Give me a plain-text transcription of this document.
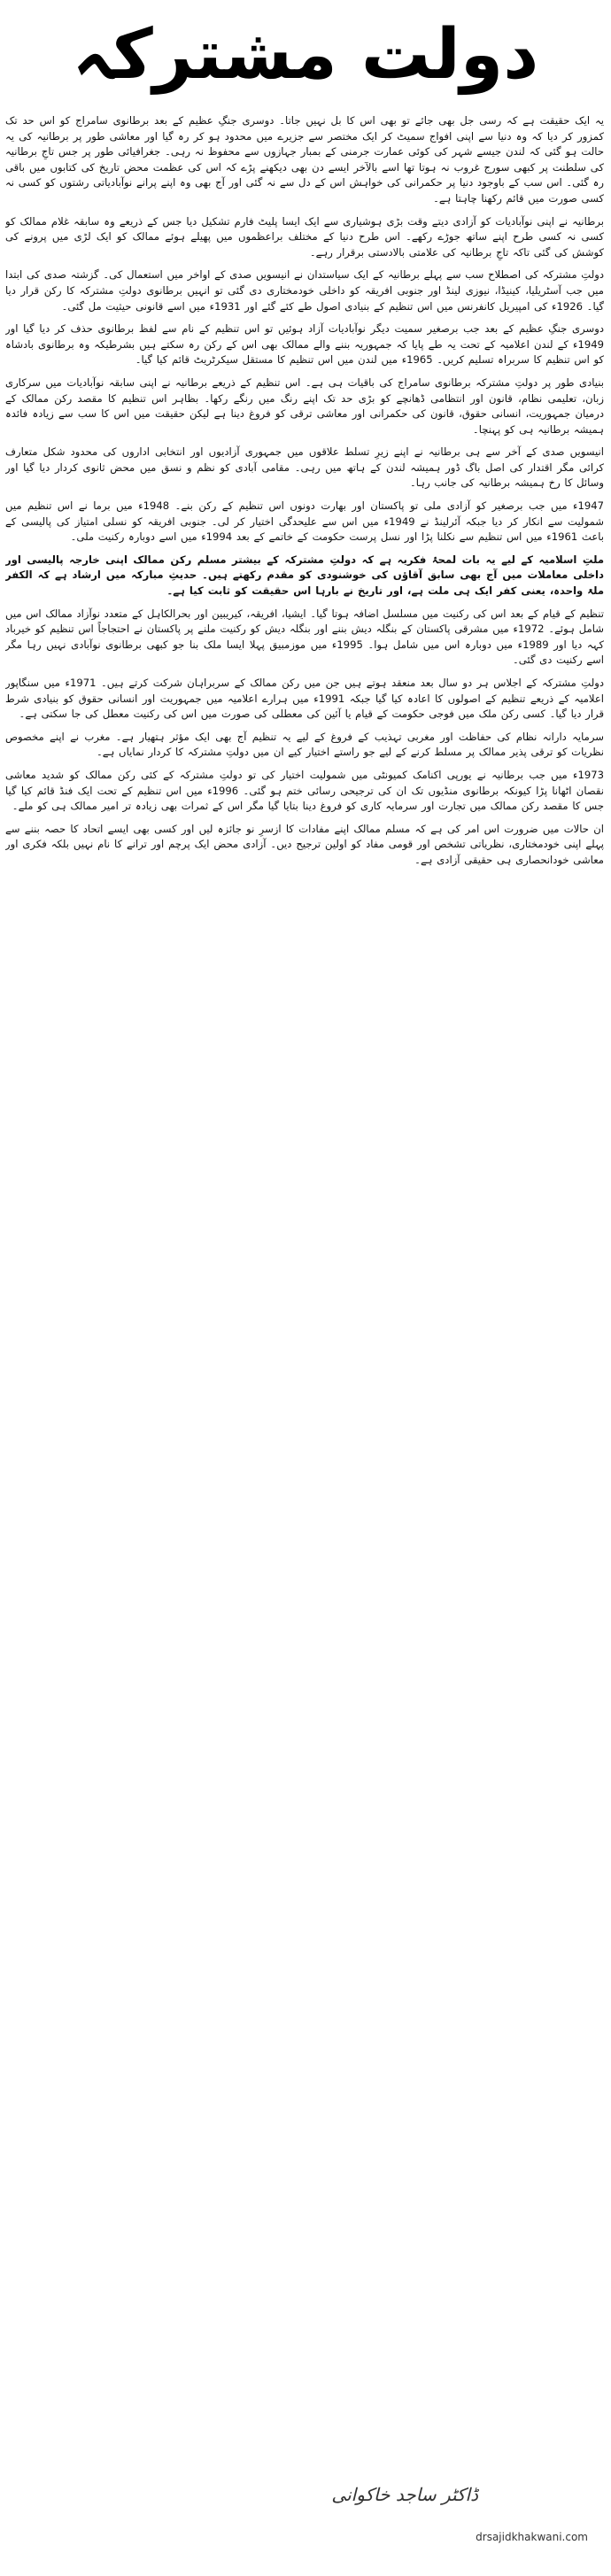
دولت مشترکہ

یہ ایک حقیقت ہے کہ رسی جل بھی جائے تو بھی اس کا بل نہیں جاتا۔ دوسری جنگِ عظیم کے بعد برطانوی سامراج کو اس حد تک کمزور کر دیا کہ وہ دنیا سے اپنی افواج سمیٹ کر ایک مختصر سے جزیرے میں محدود ہو کر رہ گیا اور معاشی طور پر برطانیہ کی یہ حالت ہو گئی کہ لندن جیسے شہر کی کوئی عمارت جرمنی کے بمبار جہازوں سے محفوظ نہ رہی۔ جغرافیائی طور پر جس تاجِ برطانیہ کی سلطنت پر کبھی سورج غروب نہ ہوتا تھا اسے بالآخر ایسے دن بھی دیکھنے پڑے کہ اس کی عظمت محض تاریخ کی کتابوں میں باقی رہ گئی۔ اس سب کے باوجود دنیا پر حکمرانی کی خواہش اس کے دل سے نہ گئی اور آج بھی وہ اپنے پرانے نوآبادیاتی رشتوں کو کسی نہ کسی صورت میں قائم رکھنا چاہتا ہے۔

برطانیہ نے اپنی نوآبادیات کو آزادی دیتے وقت بڑی ہوشیاری سے ایک ایسا پلیٹ فارم تشکیل دیا جس کے ذریعے وہ سابقہ غلام ممالک کو کسی نہ کسی طرح اپنے ساتھ جوڑے رکھے۔ اس طرح دنیا کے مختلف براعظموں میں پھیلے ہوئے ممالک کو ایک لڑی میں پرونے کی کوشش کی گئی تاکہ تاجِ برطانیہ کی علامتی بالادستی برقرار رہے۔

دولتِ مشترکہ کی اصطلاح سب سے پہلے برطانیہ کے ایک سیاستدان نے انیسویں صدی کے اواخر میں استعمال کی۔ گزشتہ صدی کی ابتدا میں جب آسٹریلیا، کینیڈا، نیوزی لینڈ اور جنوبی افریقہ کو داخلی خودمختاری دی گئی تو انہیں برطانوی دولتِ مشترکہ کا رکن قرار دیا گیا۔ 1926ء کی امپیریل کانفرنس میں اس تنظیم کے بنیادی اصول طے کئے گئے اور 1931ء میں اسے قانونی حیثیت مل گئی۔

دوسری جنگِ عظیم کے بعد جب برصغیر سمیت دیگر نوآبادیات آزاد ہوئیں تو اس تنظیم کے نام سے لفظ برطانوی حذف کر دیا گیا اور 1949ء کے لندن اعلامیہ کے تحت یہ طے پایا کہ جمہوریہ بننے والے ممالک بھی اس کے رکن رہ سکتے ہیں بشرطیکہ وہ برطانوی بادشاہ کو اس تنظیم کا سربراہ تسلیم کریں۔ 1965ء میں لندن میں اس تنظیم کا مستقل سیکرٹریٹ قائم کیا گیا۔

بنیادی طور پر دولتِ مشترکہ برطانوی سامراج کی باقیات ہی ہے۔ اس تنظیم کے ذریعے برطانیہ نے اپنی سابقہ نوآبادیات میں سرکاری زبان، تعلیمی نظام، قانون اور انتظامی ڈھانچے کو بڑی حد تک اپنے رنگ میں رنگے رکھا۔ بظاہر اس تنظیم کا مقصد رکن ممالک کے درمیان جمہوریت، انسانی حقوق، قانون کی حکمرانی اور معاشی ترقی کو فروغ دینا ہے لیکن حقیقت میں اس کا سب سے زیادہ فائدہ ہمیشہ برطانیہ ہی کو پہنچا۔

انیسویں صدی کے آخر سے ہی برطانیہ نے اپنے زیرِ تسلط علاقوں میں جمہوری آزادیوں اور انتخابی اداروں کی محدود شکل متعارف کرائی مگر اقتدار کی اصل باگ ڈور ہمیشہ لندن کے ہاتھ میں رہی۔ مقامی آبادی کو نظم و نسق میں محض ثانوی کردار دیا گیا اور وسائل کا رخ ہمیشہ برطانیہ کی جانب رہا۔

1947ء میں جب برصغیر کو آزادی ملی تو پاکستان اور بھارت دونوں اس تنظیم کے رکن بنے۔ 1948ء میں برما نے اس تنظیم میں شمولیت سے انکار کر دیا جبکہ آئرلینڈ نے 1949ء میں اس سے علیحدگی اختیار کر لی۔ جنوبی افریقہ کو نسلی امتیاز کی پالیسی کے باعث 1961ء میں اس تنظیم سے نکلنا پڑا اور نسل پرست حکومت کے خاتمے کے بعد 1994ء میں اسے دوبارہ رکنیت ملی۔

ملتِ اسلامیہ کے لیے یہ بات لمحۂ فکریہ ہے کہ دولتِ مشترکہ کے بیشتر مسلم رکن ممالک اپنی خارجہ پالیسی اور داخلی معاملات میں آج بھی سابق آقاؤں کی خوشنودی کو مقدم رکھتے ہیں۔ حدیثِ مبارکہ میں ارشاد ہے کہ الکفر ملۃ واحدہ، یعنی کفر ایک ہی ملت ہے، اور تاریخ نے بارہا اس حقیقت کو ثابت کیا ہے۔

تنظیم کے قیام کے بعد اس کی رکنیت میں مسلسل اضافہ ہوتا گیا۔ ایشیا، افریقہ، کیریبین اور بحرالکاہل کے متعدد نوآزاد ممالک اس میں شامل ہوئے۔ 1972ء میں مشرقی پاکستان کے بنگلہ دیش بننے اور بنگلہ دیش کو رکنیت ملنے پر پاکستان نے احتجاجاً اس تنظیم کو خیرباد کہہ دیا اور 1989ء میں دوبارہ اس میں شامل ہوا۔ 1995ء میں موزمبیق پہلا ایسا ملک بنا جو کبھی برطانوی نوآبادی نہیں رہا مگر اسے رکنیت دی گئی۔

دولتِ مشترکہ کے اجلاس ہر دو سال بعد منعقد ہوتے ہیں جن میں رکن ممالک کے سربراہان شرکت کرتے ہیں۔ 1971ء میں سنگاپور اعلامیہ کے ذریعے تنظیم کے اصولوں کا اعادہ کیا گیا جبکہ 1991ء میں ہرارے اعلامیہ میں جمہوریت اور انسانی حقوق کو بنیادی شرط قرار دیا گیا۔ کسی رکن ملک میں فوجی حکومت کے قیام یا آئین کی معطلی کی صورت میں اس کی رکنیت معطل کی جا سکتی ہے۔

سرمایہ دارانہ نظام کی حفاظت اور مغربی تہذیب کے فروغ کے لیے یہ تنظیم آج بھی ایک مؤثر ہتھیار ہے۔ مغرب نے اپنے مخصوص نظریات کو ترقی پذیر ممالک پر مسلط کرنے کے لیے جو راستے اختیار کیے ان میں دولتِ مشترکہ کا کردار نمایاں ہے۔

1973ء میں جب برطانیہ نے یورپی اکنامک کمیونٹی میں شمولیت اختیار کی تو دولتِ مشترکہ کے کئی رکن ممالک کو شدید معاشی نقصان اٹھانا پڑا کیونکہ برطانوی منڈیوں تک ان کی ترجیحی رسائی ختم ہو گئی۔ 1996ء میں اس تنظیم کے تحت ایک فنڈ قائم کیا گیا جس کا مقصد رکن ممالک میں تجارت اور سرمایہ کاری کو فروغ دینا بتایا گیا مگر اس کے ثمرات بھی زیادہ تر امیر ممالک ہی کو ملے۔

ان حالات میں ضرورت اس امر کی ہے کہ مسلم ممالک اپنے مفادات کا ازسرِ نو جائزہ لیں اور کسی بھی ایسے اتحاد کا حصہ بننے سے پہلے اپنی خودمختاری، نظریاتی تشخص اور قومی مفاد کو اولین ترجیح دیں۔ آزادی محض ایک پرچم اور ترانے کا نام نہیں بلکہ فکری اور معاشی خودانحصاری ہی حقیقی آزادی ہے۔

ڈاکٹر ساجد خاکوانی
drsajidkhakwani.com
